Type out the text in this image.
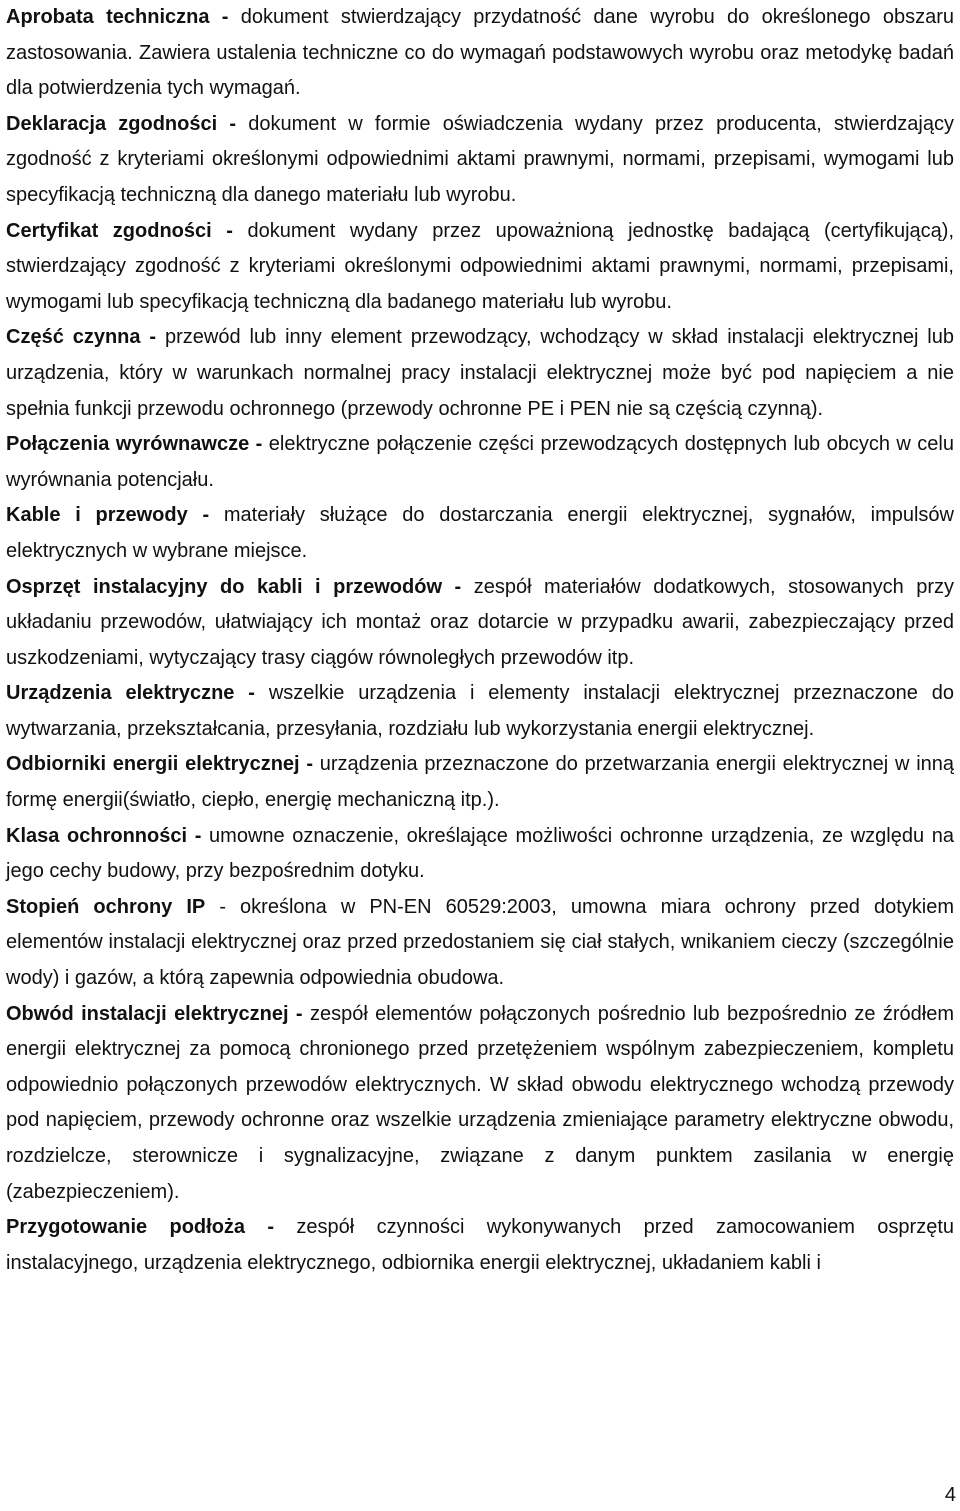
Aprobata techniczna - dokument stwierdzający przydatność dane wyrobu do określonego obszaru zastosowania. Zawiera ustalenia techniczne co do wymagań podstawowych wyrobu oraz metodykę badań dla potwierdzenia tych wymagań.

Deklaracja zgodności - dokument w formie oświadczenia wydany przez producenta, stwierdzający zgodność z kryteriami określonymi odpowiednimi aktami prawnymi, normami, przepisami, wymogami lub specyfikacją techniczną dla danego materiału lub wyrobu.

Certyfikat zgodności - dokument wydany przez upoważnioną jednostkę badającą (certyfikującą), stwierdzający zgodność z kryteriami określonymi odpowiednimi aktami prawnymi, normami, przepisami, wymogami lub specyfikacją techniczną dla badanego materiału lub wyrobu.

Część czynna - przewód lub inny element przewodzący, wchodzący w skład instalacji elektrycznej lub urządzenia, który w warunkach normalnej pracy instalacji elektrycznej może być pod napięciem a nie spełnia funkcji przewodu ochronnego (przewody ochronne PE i PEN nie są częścią czynną).

Połączenia wyrównawcze - elektryczne połączenie części przewodzących dostępnych lub obcych w celu wyrównania potencjału.

Kable i przewody - materiały służące do dostarczania energii elektrycznej, sygnałów, impulsów elektrycznych w wybrane miejsce.

Osprzęt instalacyjny do kabli i przewodów - zespół materiałów dodatkowych, stosowanych przy układaniu przewodów, ułatwiający ich montaż oraz dotarcie w przypadku awarii, zabezpieczający przed uszkodzeniami, wytyczający trasy ciągów równoległych przewodów itp.

Urządzenia elektryczne - wszelkie urządzenia i elementy instalacji elektrycznej przeznaczone do wytwarzania, przekształcania, przesyłania, rozdziału lub wykorzystania energii elektrycznej.

Odbiorniki energii elektrycznej - urządzenia przeznaczone do przetwarzania energii elektrycznej w inną formę energii(światło, ciepło, energię mechaniczną itp.).

Klasa ochronności - umowne oznaczenie, określające możliwości ochronne urządzenia, ze względu na jego cechy budowy, przy bezpośrednim dotyku.

Stopień ochrony IP - określona w PN-EN 60529:2003, umowna miara ochrony przed dotykiem elementów instalacji elektrycznej oraz przed przedostaniem się ciał stałych, wnikaniem cieczy (szczególnie wody) i gazów, a którą zapewnia odpowiednia obudowa.

Obwód instalacji elektrycznej - zespół elementów połączonych pośrednio lub bezpośrednio ze źródłem energii elektrycznej za pomocą chronionego przed przetężeniem wspólnym zabezpieczeniem, kompletu odpowiednio połączonych przewodów elektrycznych. W skład obwodu elektrycznego wchodzą przewody pod napięciem, przewody ochronne oraz wszelkie urządzenia zmieniające parametry elektryczne obwodu, rozdzielcze, sterownicze i sygnalizacyjne, związane z danym punktem zasilania w energię (zabezpieczeniem).

Przygotowanie podłoża - zespół czynności wykonywanych przed zamocowaniem osprzętu instalacyjnego, urządzenia elektrycznego, odbiornika energii elektrycznej, układaniem kabli i

4
